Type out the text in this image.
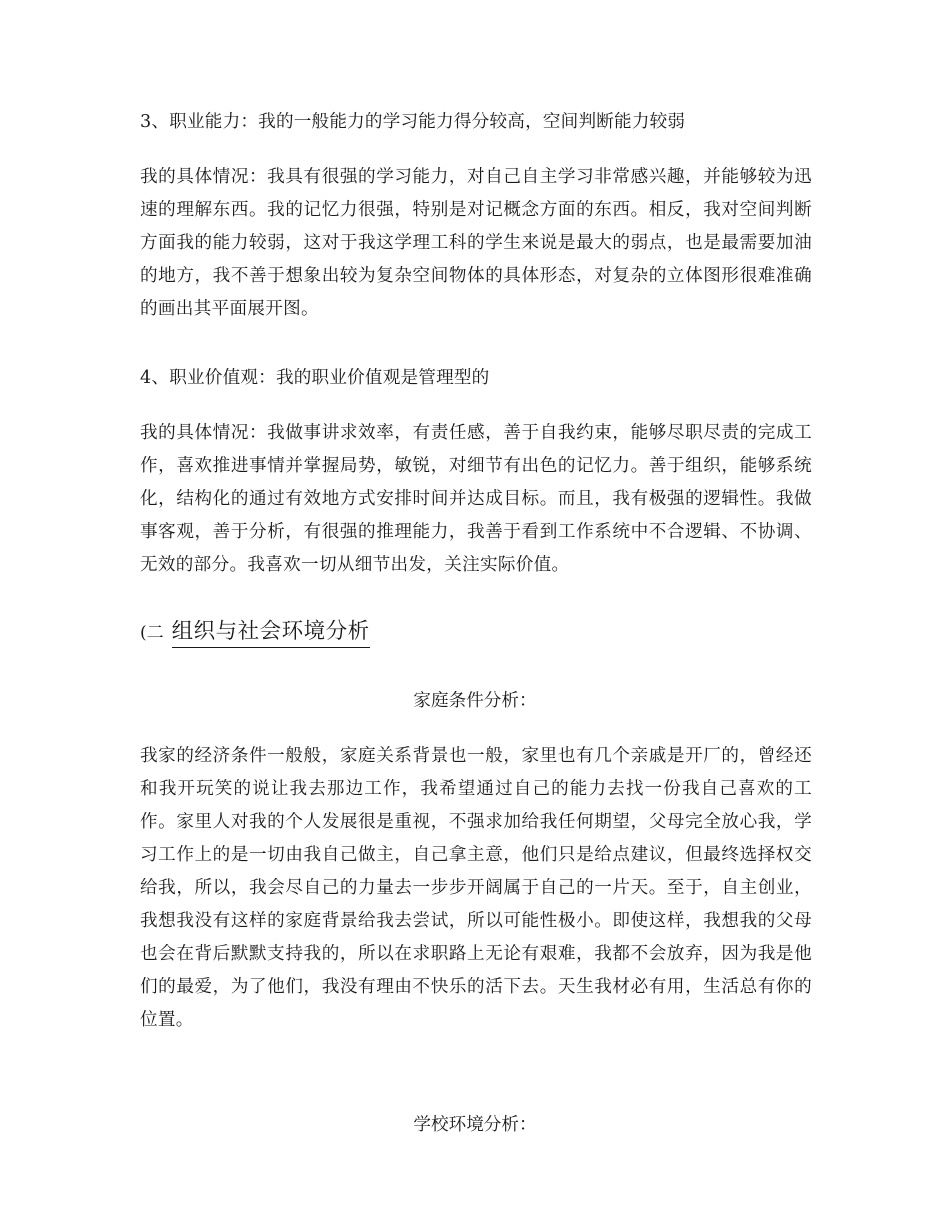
3、职业能力：我的一般能力的学习能力得分较高，空间判断能力较弱
我的具体情况：我具有很强的学习能力，对自己自主学习非常感兴趣，并能够较为迅速的理解东西。我的记忆力很强，特别是对记概念方面的东西。相反，我对空间判断方面我的能力较弱，这对于我这学理工科的学生来说是最大的弱点，也是最需要加油的地方，我不善于想象出较为复杂空间物体的具体形态，对复杂的立体图形很难准确的画出其平面展开图。
4、职业价值观：我的职业价值观是管理型的
我的具体情况：我做事讲求效率，有责任感，善于自我约束，能够尽职尽责的完成工作，喜欢推进事情并掌握局势，敏锐，对细节有出色的记忆力。善于组织，能够系统化，结构化的通过有效地方式安排时间并达成目标。而且，我有极强的逻辑性。我做事客观，善于分析，有很强的推理能力，我善于看到工作系统中不合逻辑、不协调、无效的部分。我喜欢一切从细节出发，关注实际价值。
(二 组织与社会环境分析
家庭条件分析：
我家的经济条件一般般，家庭关系背景也一般，家里也有几个亲戚是开厂的，曾经还和我开玩笑的说让我去那边工作，我希望通过自己的能力去找一份我自己喜欢的工作。家里人对我的个人发展很是重视，不强求加给我任何期望，父母完全放心我，学习工作上的是一切由我自己做主，自己拿主意，他们只是给点建议，但最终选择权交给我，所以，我会尽自己的力量去一步步开阔属于自己的一片天。至于，自主创业，我想我没有这样的家庭背景给我去尝试，所以可能性极小。即使这样，我想我的父母也会在背后默默支持我的，所以在求职路上无论有艰难，我都不会放弃，因为我是他们的最爱，为了他们，我没有理由不快乐的活下去。天生我材必有用，生活总有你的位置。
学校环境分析：
